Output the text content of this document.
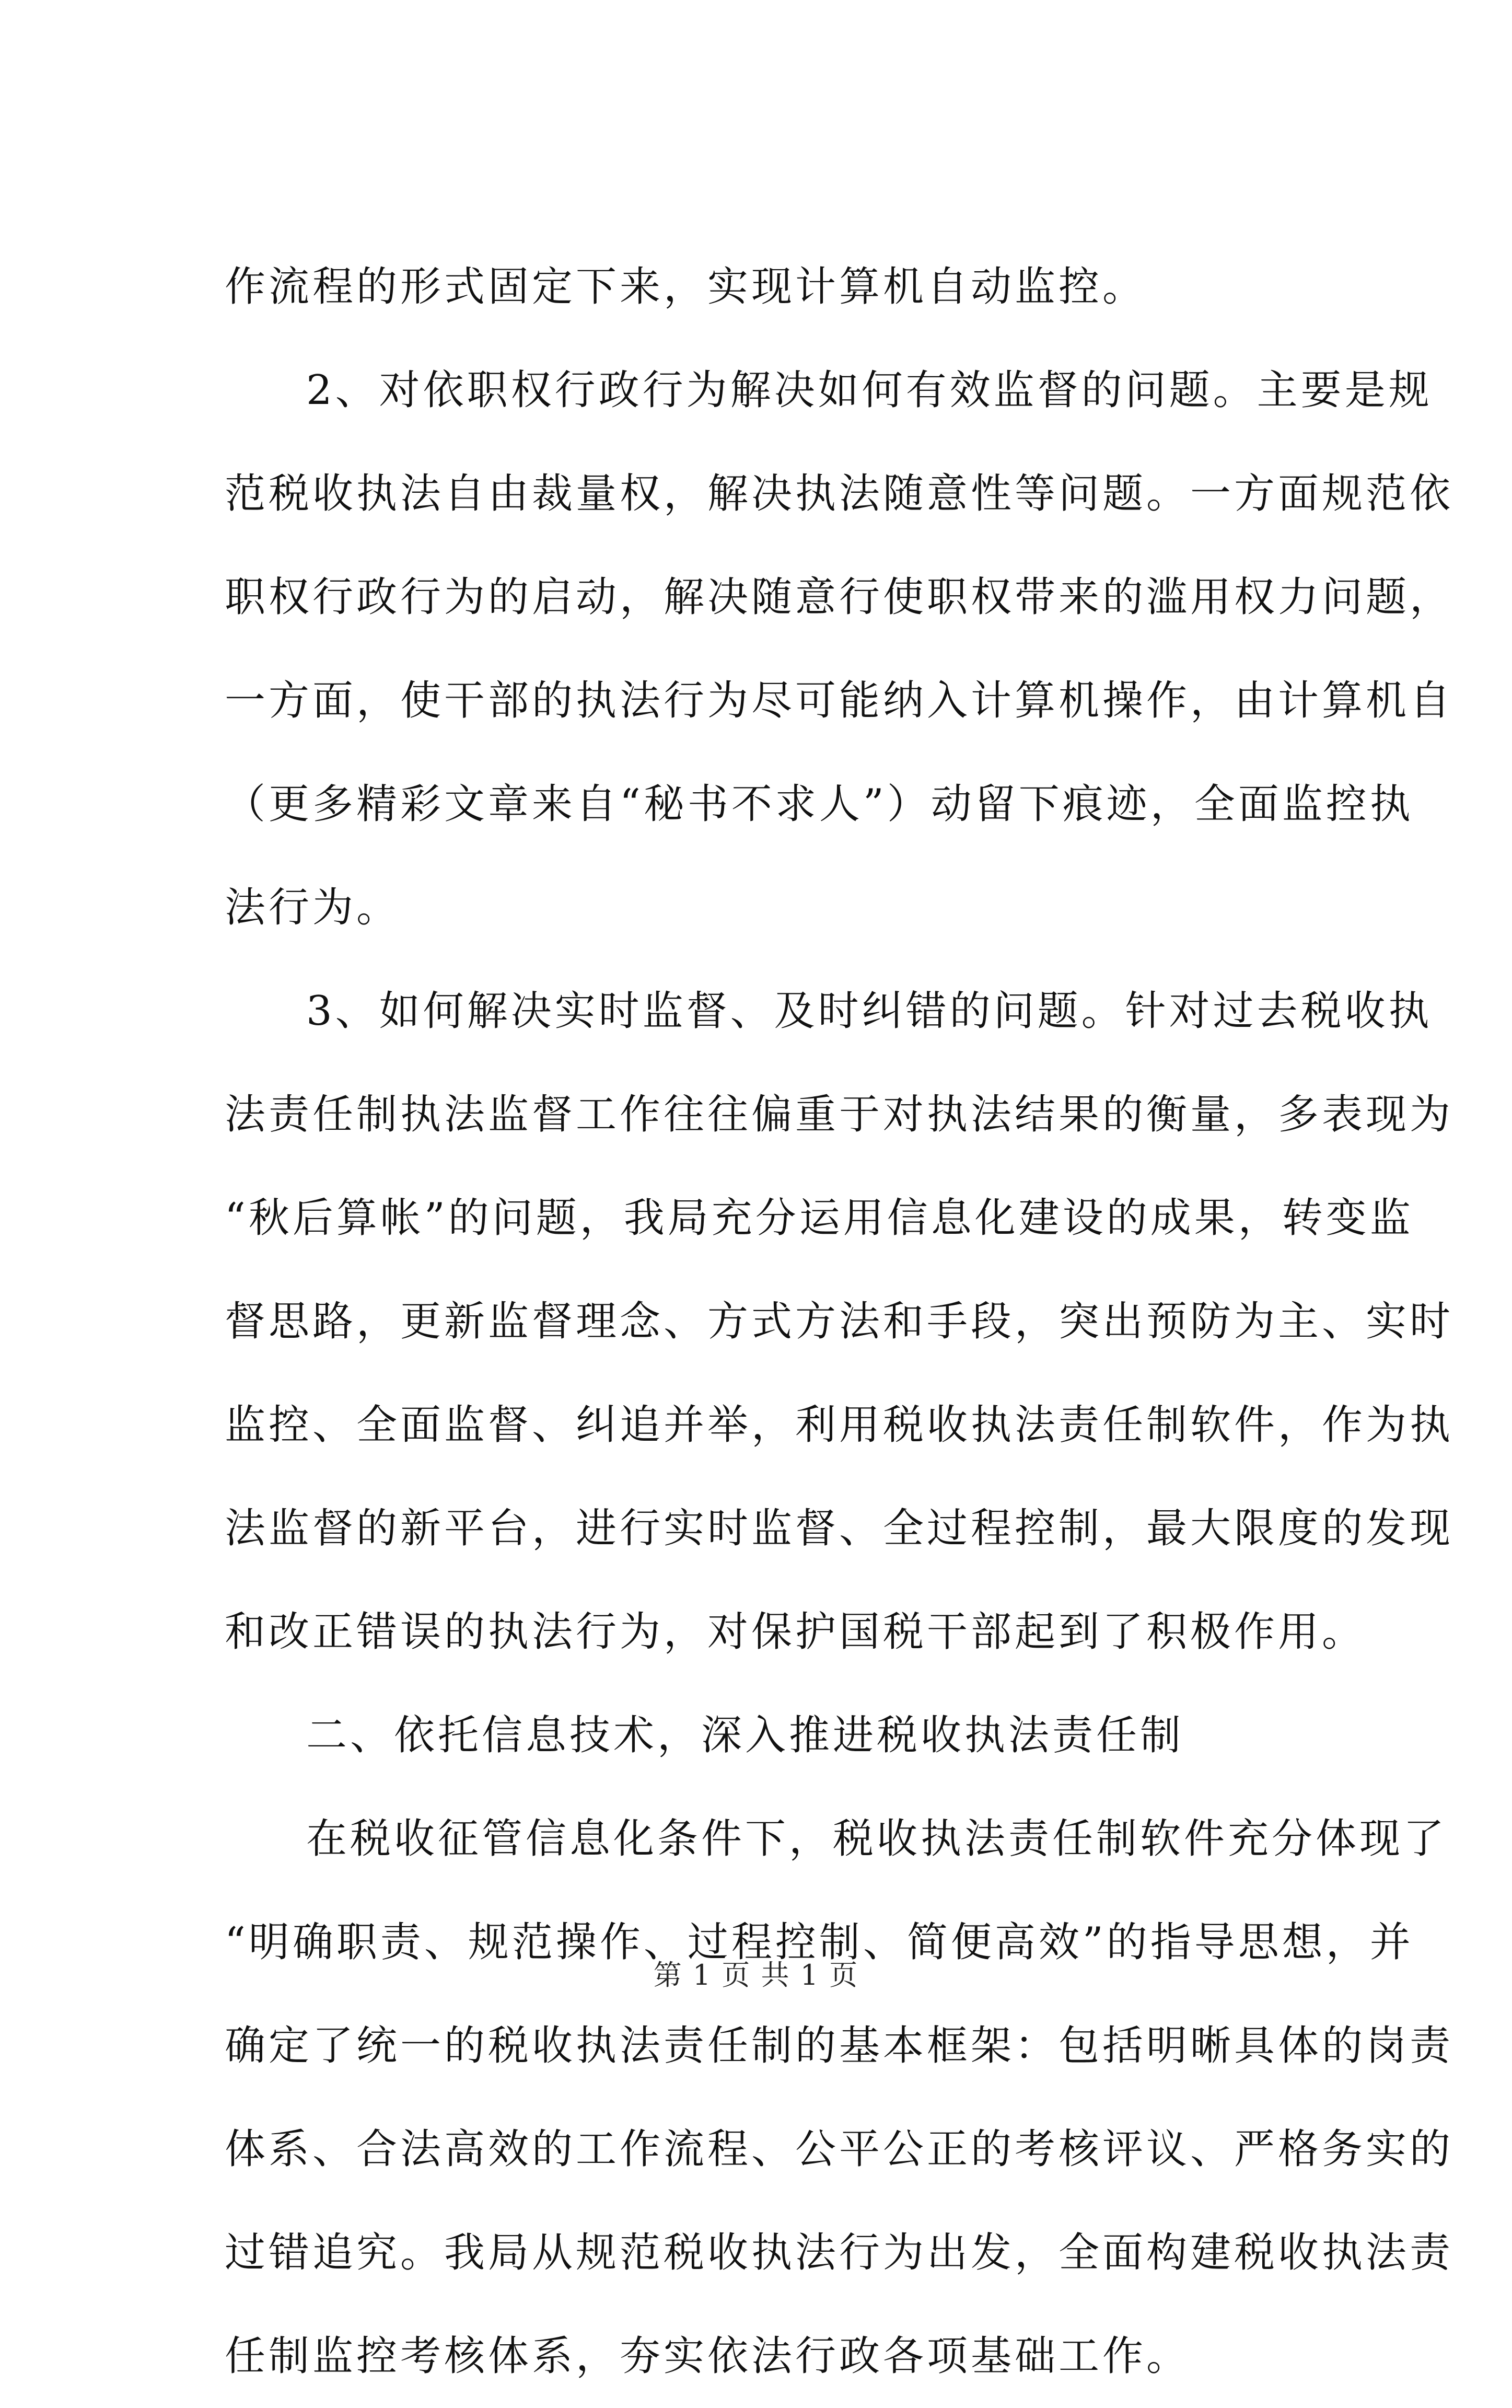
作流程的形式固定下来，实现计算机自动监控。
2、对依职权行政行为解决如何有效监督的问题。主要是规
范税收执法自由裁量权，解决执法随意性等问题。一方面规范依
职权行政行为的启动，解决随意行使职权带来的滥用权力问题，
一方面，使干部的执法行为尽可能纳入计算机操作，由计算机自
（更多精彩文章来自“秘书不求人”）动留下痕迹，全面监控执
法行为。
3、如何解决实时监督、及时纠错的问题。针对过去税收执
法责任制执法监督工作往往偏重于对执法结果的衡量，多表现为
“秋后算帐”的问题，我局充分运用信息化建设的成果，转变监
督思路，更新监督理念、方式方法和手段，突出预防为主、实时
监控、全面监督、纠追并举，利用税收执法责任制软件，作为执
法监督的新平台，进行实时监督、全过程控制，最大限度的发现
和改正错误的执法行为，对保护国税干部起到了积极作用。
二、依托信息技术，深入推进税收执法责任制
在税收征管信息化条件下，税收执法责任制软件充分体现了
“明确职责、规范操作、过程控制、简便高效”的指导思想，并
确定了统一的税收执法责任制的基本框架：包括明晰具体的岗责
体系、合法高效的工作流程、公平公正的考核评议、严格务实的
过错追究。我局从规范税收执法行为出发，全面构建税收执法责
任制监控考核体系，夯实依法行政各项基础工作。
第 1 页 共 1 页
